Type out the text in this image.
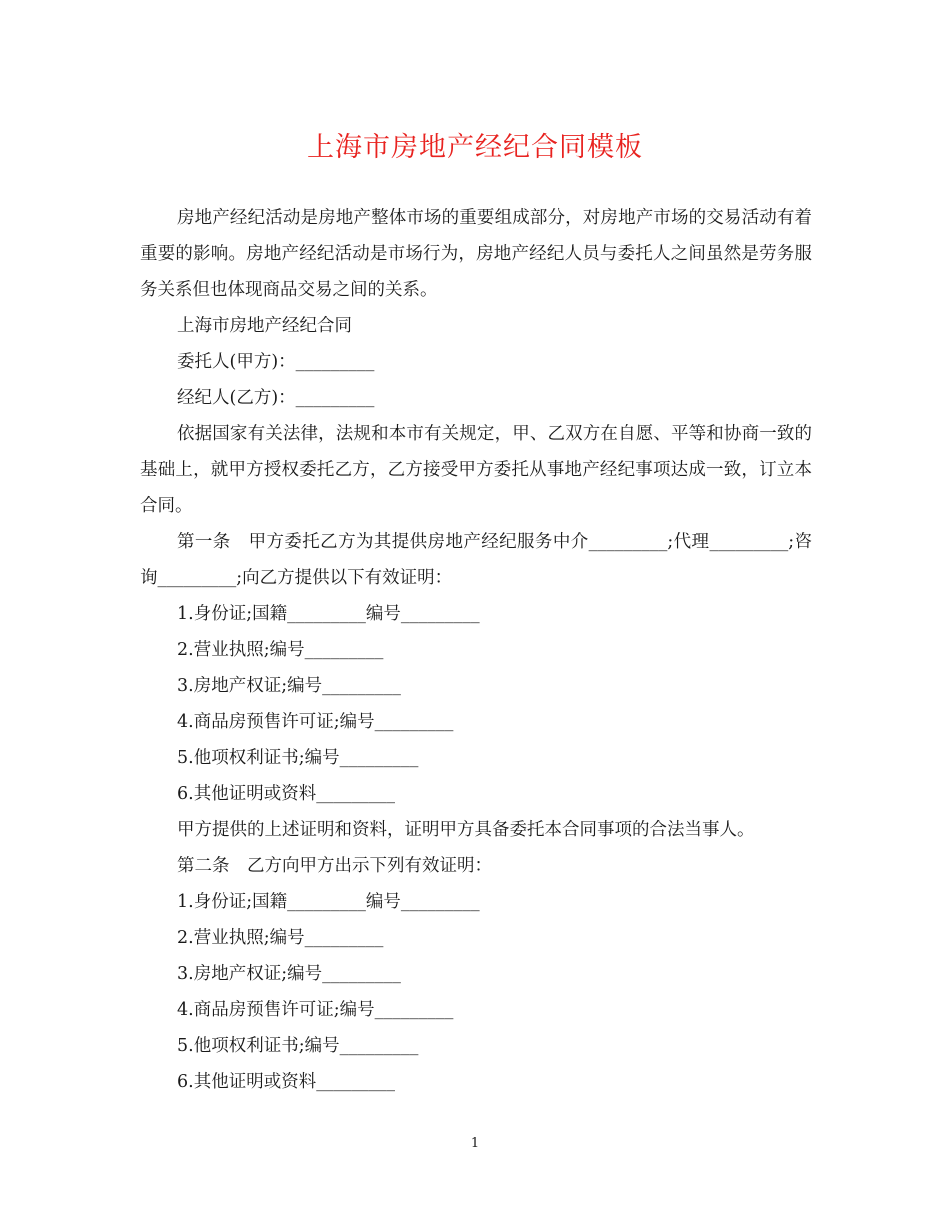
上海市房地产经纪合同模板

房地产经纪活动是房地产整体市场的重要组成部分，对房地产市场的交易活动有着重要的影响。房地产经纪活动是市场行为，房地产经纪人员与委托人之间虽然是劳务服务关系但也体现商品交易之间的关系。

上海市房地产经纪合同

委托人(甲方)：_________

经纪人(乙方)：_________

依据国家有关法律，法规和本市有关规定，甲、乙双方在自愿、平等和协商一致的基础上，就甲方授权委托乙方，乙方接受甲方委托从事地产经纪事项达成一致，订立本合同。

第一条　甲方委托乙方为其提供房地产经纪服务中介_________;代理_________;咨询_________;向乙方提供以下有效证明：

1.身份证;国籍_________编号_________

2.营业执照;编号_________

3.房地产权证;编号_________

4.商品房预售许可证;编号_________

5.他项权利证书;编号_________

6.其他证明或资料_________

甲方提供的上述证明和资料，证明甲方具备委托本合同事项的合法当事人。

第二条　乙方向甲方出示下列有效证明：

1.身份证;国籍_________编号_________

2.营业执照;编号_________

3.房地产权证;编号_________

4.商品房预售许可证;编号_________

5.他项权利证书;编号_________

6.其他证明或资料_________

1
